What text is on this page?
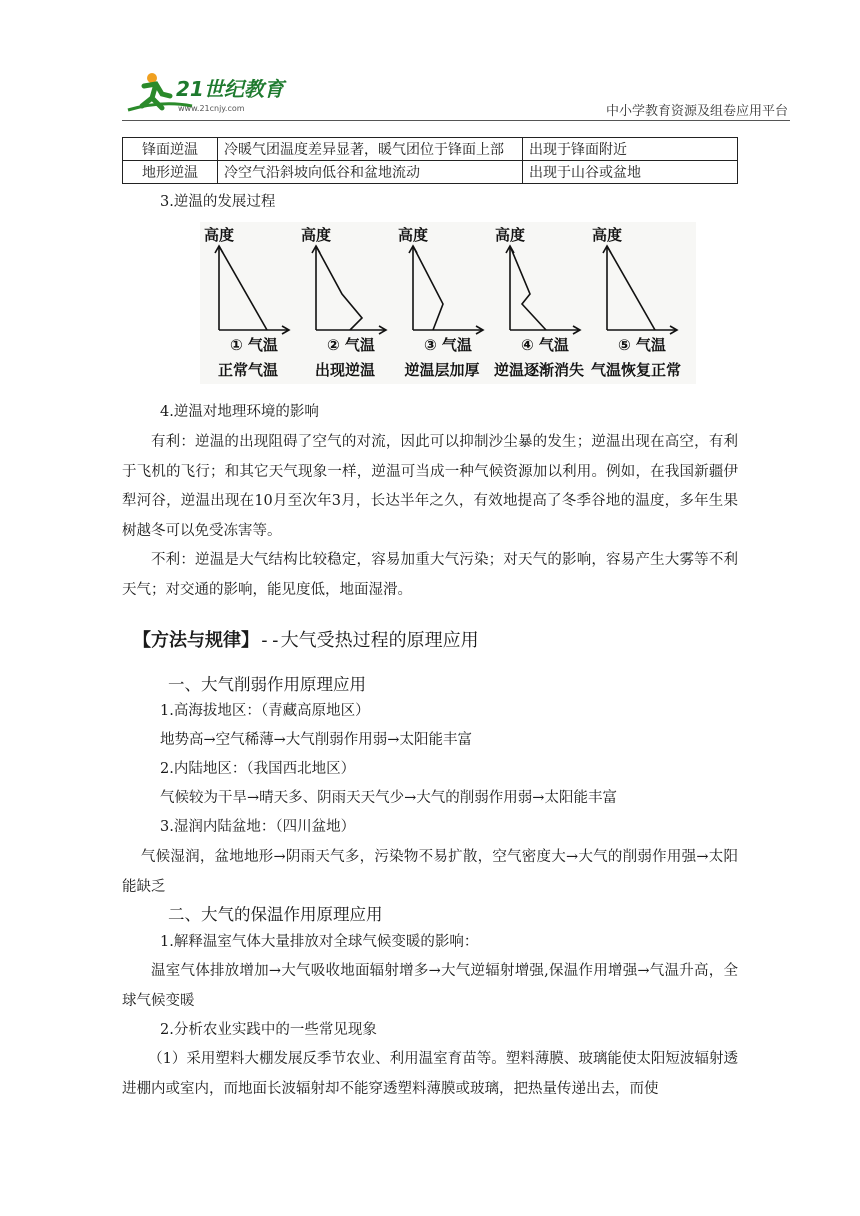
21世纪教育
www.21cnjy.com	中小学教育资源及组卷应用平台
锋面逆温	冷暖气团温度差异显著，暖气团位于锋面上部	出现于锋面附近
地形逆温	冷空气沿斜坡向低谷和盆地流动	出现于山谷或盆地
3.逆温的发展过程
高度
① 气温
正常气温
高度
② 气温
出现逆温
高度
③ 气温
逆温层加厚
高度
④ 气温
逆温逐渐消失
高度
⑤ 气温
气温恢复正常
4.逆温对地理环境的影响

有利：逆温的出现阻碍了空气的对流，因此可以抑制沙尘暴的发生；逆温出现在高空，有利于飞机的飞行；和其它天气现象一样，逆温可当成一种气候资源加以利用。例如，在我国新疆伊犁河谷，逆温出现在10月至次年3月，长达半年之久，有效地提高了冬季谷地的温度，多年生果树越冬可以免受冻害等。

不利：逆温是大气结构比较稳定，容易加重大气污染；对天气的影响，容易产生大雾等不利天气；对交通的影响，能见度低，地面湿滑。

【方法与规律】--大气受热过程的原理应用
一、大气削弱作用原理应用
1.高海拔地区：（青藏高原地区）
地势高→空气稀薄→大气削弱作用弱→太阳能丰富
2.内陆地区：（我国西北地区）
气候较为干旱→晴天多、阴雨天天气少→大气的削弱作用弱→太阳能丰富
3.湿润内陆盆地：（四川盆地）

气候湿润，盆地地形→阴雨天气多，污染物不易扩散，空气密度大→大气的削弱作用强→太阳能缺乏

二、大气的保温作用原理应用
1.解释温室气体大量排放对全球气候变暖的影响：

温室气体排放增加→大气吸收地面辐射增多→大气逆辐射增强,保温作用增强→气温升高，全球气候变暖

2.分析农业实践中的一些常见现象

（1）采用塑料大棚发展反季节农业、利用温室育苗等。塑料薄膜、玻璃能使太阳短波辐射透进棚内或室内，而地面长波辐射却不能穿透塑料薄膜或玻璃，把热量传递出去，而使
